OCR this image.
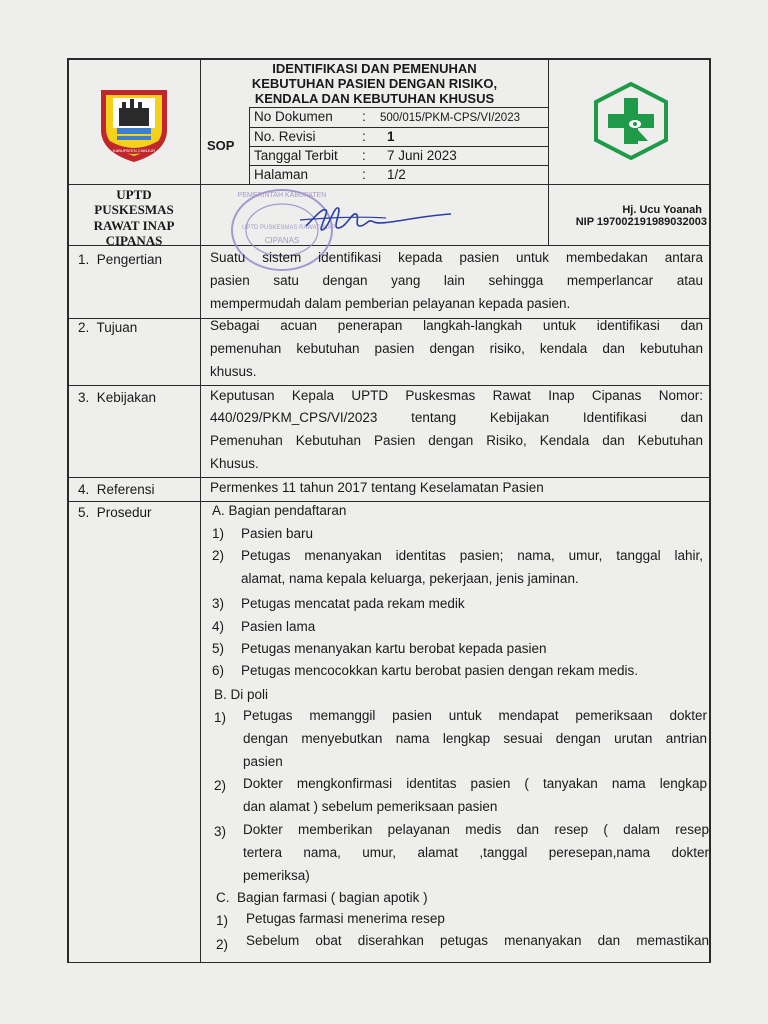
KABUPATEN CIANJUR
IDENTIFIKASI DAN PEMENUHAN
KEBUTUHAN PASIEN DENGAN RISIKO,
KENDALA DAN KEBUTUHAN KHUSUS
SOP
No Dokumen : 500/015/PKM-CPS/VI/2023
No. Revisi	: 1
Tanggal Terbit : 7 Juni 2023
Halaman	: 1/2
UPTD
PUSKESMAS
RAWAT INAP
CIPANAS
PEMERINTAH KABUPATEN
UPTD PUSKESMAS RAWAT INAP
CIPANAS
Hj. Ucu Yoanah
NIP 197002191989032003
1.  Pengertian
2.  Tujuan
3.  Kebijakan
4.  Referensi
5.  Prosedur
Suatu sistem identifikasi kepada pasien untuk membedakan antara
pasien satu dengan yang lain sehingga memperlancar atau
mempermudah dalam pemberian pelayanan kepada pasien.
Sebagai acuan penerapan langkah-langkah untuk identifikasi dan
pemenuhan kebutuhan pasien dengan risiko, kendala dan kebutuhan
khusus.
Keputusan Kepala UPTD Puskesmas Rawat Inap Cipanas Nomor:
440/029/PKM_CPS/VI/2023 tentang Kebijakan Identifikasi dan
Pemenuhan Kebutuhan Pasien dengan Risiko, Kendala dan Kebutuhan
Khusus.
Permenkes 11 tahun 2017 tentang Keselamatan Pasien
A. Bagian pendaftaran
1) Pasien baru
2) Petugas menanyakan identitas pasien; nama, umur, tanggal lahir,
alamat, nama kepala keluarga, pekerjaan, jenis jaminan.
3) Petugas mencatat pada rekam medik
4) Pasien lama
5) Petugas menanyakan kartu berobat kepada pasien
6) Petugas mencocokkan kartu berobat pasien dengan rekam medis.
B. Di poli
1) Petugas memanggil pasien untuk mendapat pemeriksaan dokter
dengan menyebutkan nama lengkap sesuai dengan urutan antrian
pasien
2) Dokter mengkonfirmasi identitas pasien ( tanyakan nama lengkap
dan alamat ) sebelum pemeriksaan pasien
3) Dokter memberikan pelayanan medis dan resep ( dalam resep
tertera nama, umur, alamat ,tanggal peresepan,nama dokter
pemeriksa)
C.  Bagian farmasi ( bagian apotik )
1) Petugas farmasi menerima resep
2) Sebelum obat diserahkan petugas menanyakan dan memastikan
